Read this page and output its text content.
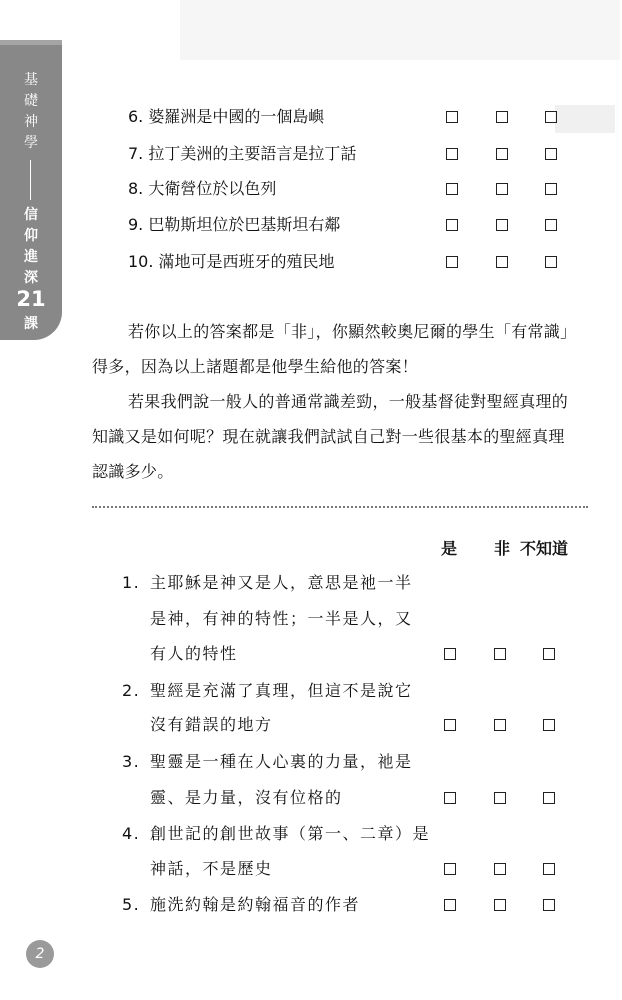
基
礎
神
學
信
仰
進
深
21
課
6. 婆羅洲是中國的一個島嶼
7. 拉丁美洲的主要語言是拉丁話
8. 大衛營位於以色列
9. 巴勒斯坦位於巴基斯坦右鄰
10. 滿地可是西班牙的殖民地
若你以上的答案都是「非」，你顯然較奧尼爾的學生「有常識」
得多，因為以上諸題都是他學生給他的答案！
若果我們說一般人的普通常識差勁，一般基督徒對聖經真理的
知識又是如何呢？現在就讓我們試試自己對一些很基本的聖經真理
認識多少。
是 非 不知道
1. 主耶穌是神又是人，意思是祂一半
是神，有神的特性；一半是人，又
有人的特性
2. 聖經是充滿了真理，但這不是說它
沒有錯誤的地方
3. 聖靈是一種在人心裏的力量，祂是
靈、是力量，沒有位格的
4. 創世記的創世故事（第一、二章）是
神話，不是歷史
5. 施洗約翰是約翰福音的作者
2
